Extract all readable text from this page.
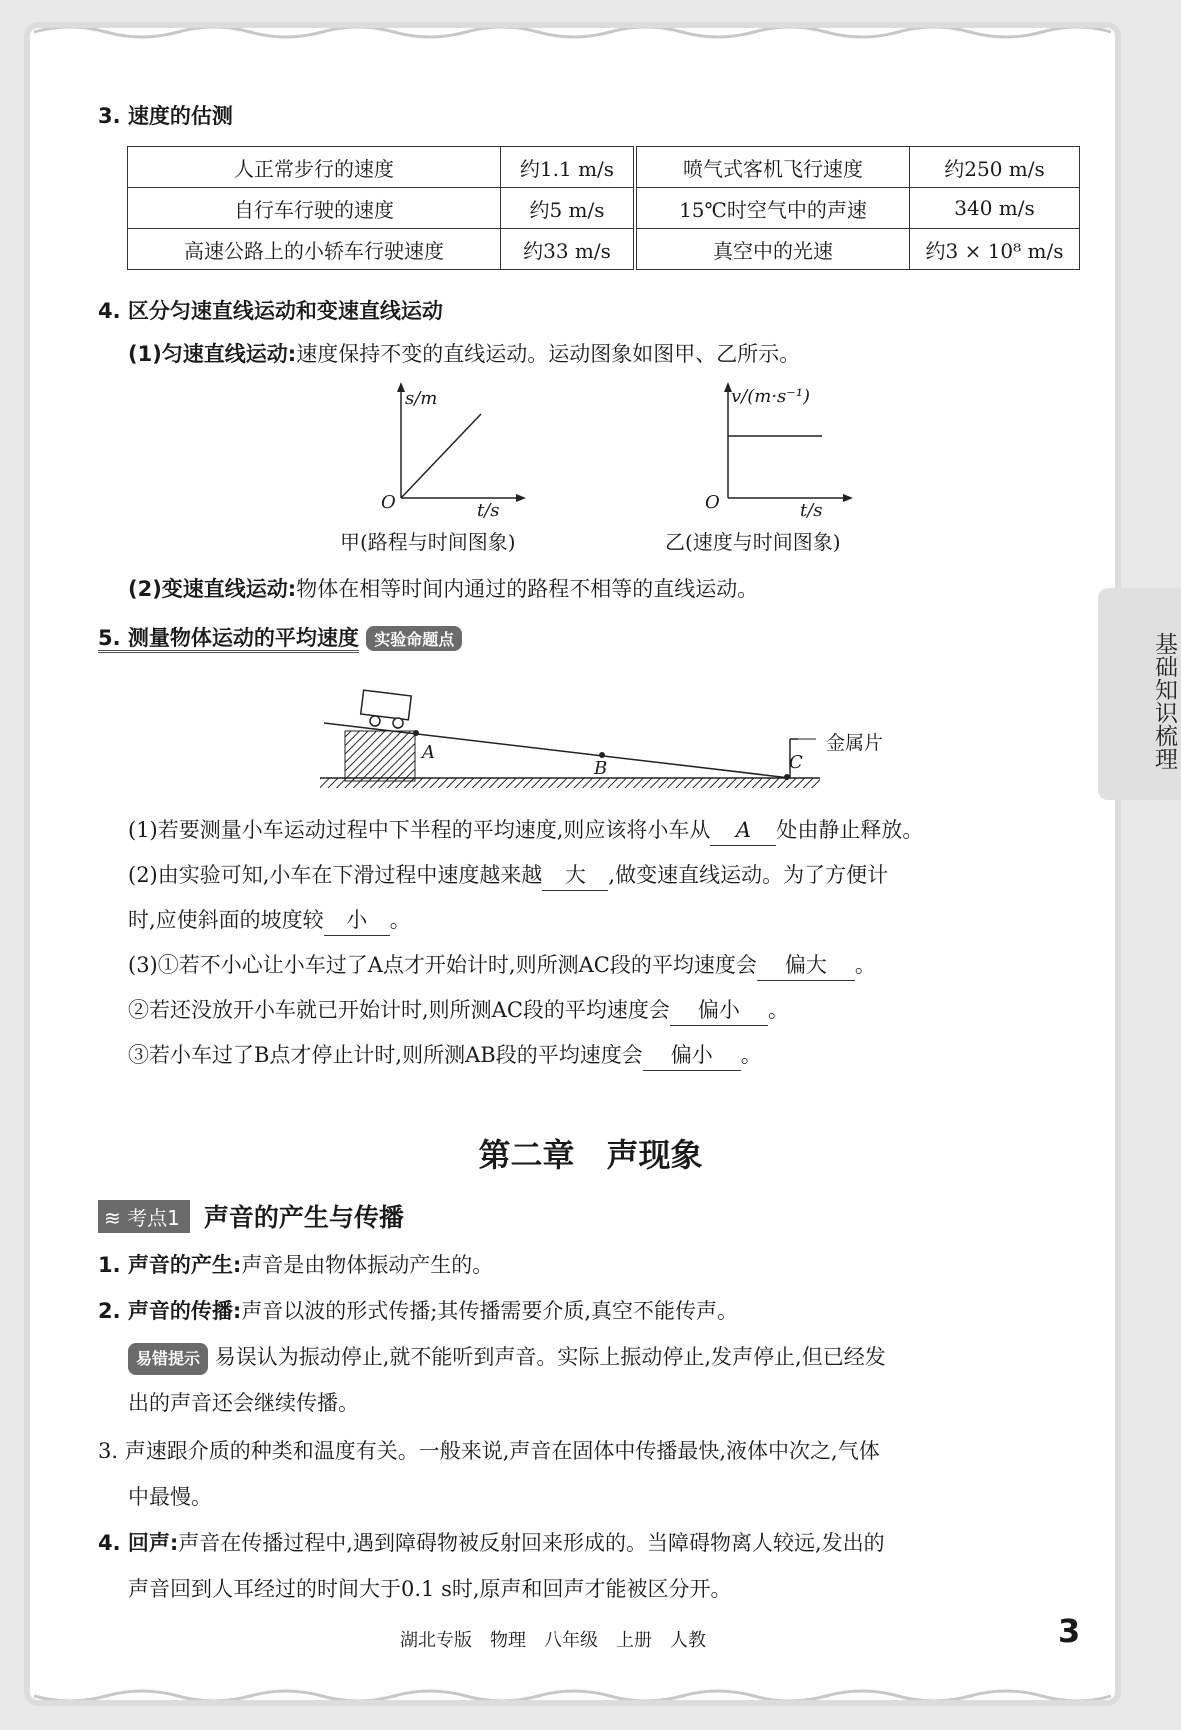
3. 速度的估测
人正常步行的速度	约1.1 m/s	喷气式客机飞行速度	约250 m/s
自行车行驶的速度	约5 m/s	15℃时空气中的声速	340 m/s
高速公路上的小轿车行驶速度	约33 m/s	真空中的光速	约3 × 10⁸ m/s
4. 区分匀速直线运动和变速直线运动
(1)匀速直线运动:速度保持不变的直线运动。运动图象如图甲、乙所示。
s/m
O	t/s
甲(路程与时间图象)
v/(m·s⁻¹)
O	t/s
乙(速度与时间图象)
(2)变速直线运动:物体在相等时间内通过的路程不相等的直线运动。
5. 测量物体运动的平均速度 实验命题点
A
B	C
金属片
(1)若要测量小车运动过程中下半程的平均速度,则应该将小车从 A 处由静止释放。
(2)由实验可知,小车在下滑过程中速度越来越 大 ,做变速直线运动。为了方便计
时,应使斜面的坡度较 小 。
(3)①若不小心让小车过了A点才开始计时,则所测AC段的平均速度会 偏大 。
②若还没放开小车就已开始计时,则所测AC段的平均速度会 偏小 。
③若小车过了B点才停止计时,则所测AB段的平均速度会 偏小 。
第二章　声现象
≋ 考点1 声音的产生与传播
1. 声音的产生:声音是由物体振动产生的。
2. 声音的传播:声音以波的形式传播;其传播需要介质,真空不能传声。
易错提示 易误认为振动停止,就不能听到声音。实际上振动停止,发声停止,但已经发
出的声音还会继续传播。
3. 声速跟介质的种类和温度有关。一般来说,声音在固体中传播最快,液体中次之,气体
中最慢。
4. 回声:声音在传播过程中,遇到障碍物被反射回来形成的。当障碍物离人较远,发出的
声音回到人耳经过的时间大于0.1 s时,原声和回声才能被区分开。
基础知识梳理
湖北专版　物理　八年级　上册　人教	3
